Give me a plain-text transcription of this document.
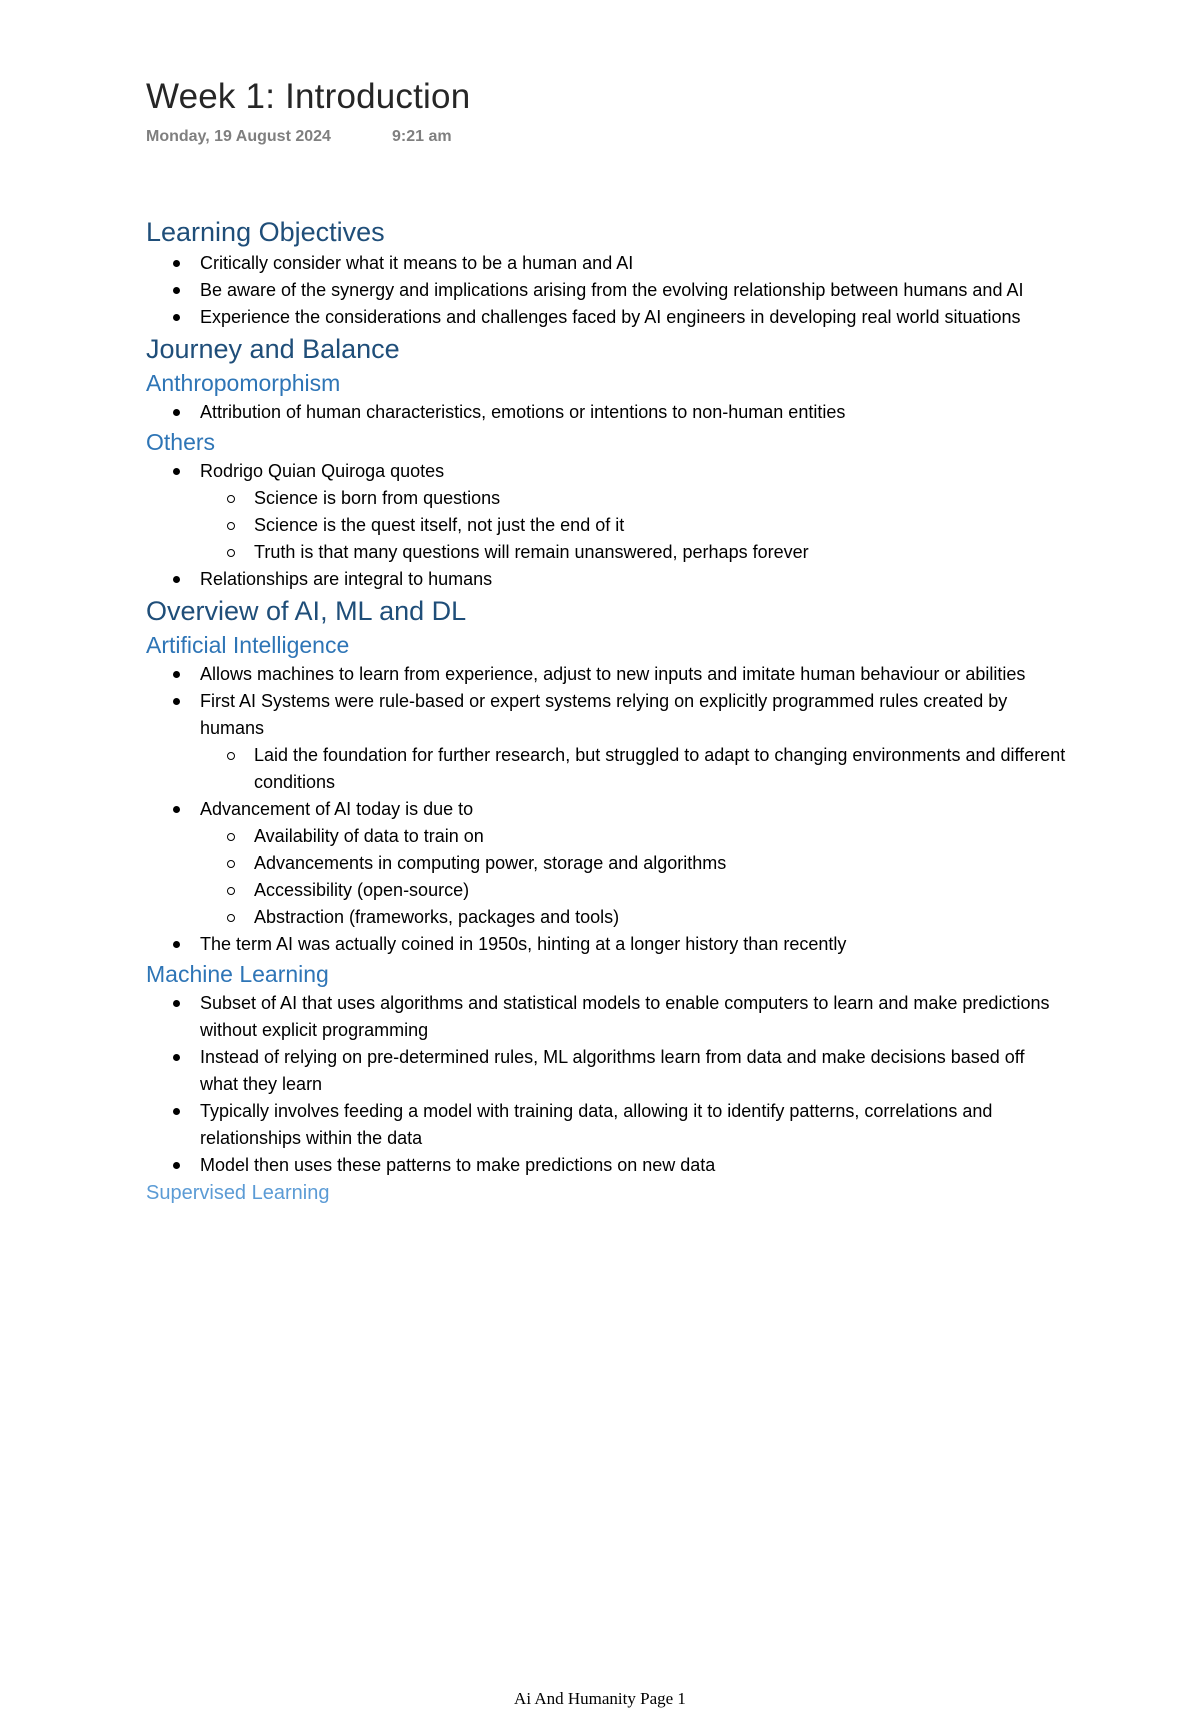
Week 1: Introduction
Monday, 19 August 2024	9:21 am
Learning Objectives
Critically consider what it means to be a human and AI
Be aware of the synergy and implications arising from the evolving relationship between humans and AI
Experience the considerations and challenges faced by AI engineers in developing real world situations
Journey and Balance
Anthropomorphism
Attribution of human characteristics, emotions or intentions to non-human entities
Others
Rodrigo Quian Quiroga quotes
Science is born from questions
Science is the quest itself, not just the end of it
Truth is that many questions will remain unanswered, perhaps forever
Relationships are integral to humans
Overview of AI, ML and DL
Artificial Intelligence
Allows machines to learn from experience, adjust to new inputs and imitate human behaviour or abilities
First AI Systems were rule-based or expert systems relying on explicitly programmed rules created by humans
Laid the foundation for further research, but struggled to adapt to changing environments and different conditions
Advancement of AI today is due to
Availability of data to train on
Advancements in computing power, storage and algorithms
Accessibility (open-source)
Abstraction (frameworks, packages and tools)
The term AI was actually coined in 1950s, hinting at a longer history than recently
Machine Learning
Subset of AI that uses algorithms and statistical models to enable computers to learn and make predictions without explicit programming
Instead of relying on pre-determined rules, ML algorithms learn from data and make decisions based off what they learn
Typically involves feeding a model with training data, allowing it to identify patterns, correlations and relationships within the data
Model then uses these patterns to make predictions on new data
Supervised Learning
Ai And Humanity Page 1
